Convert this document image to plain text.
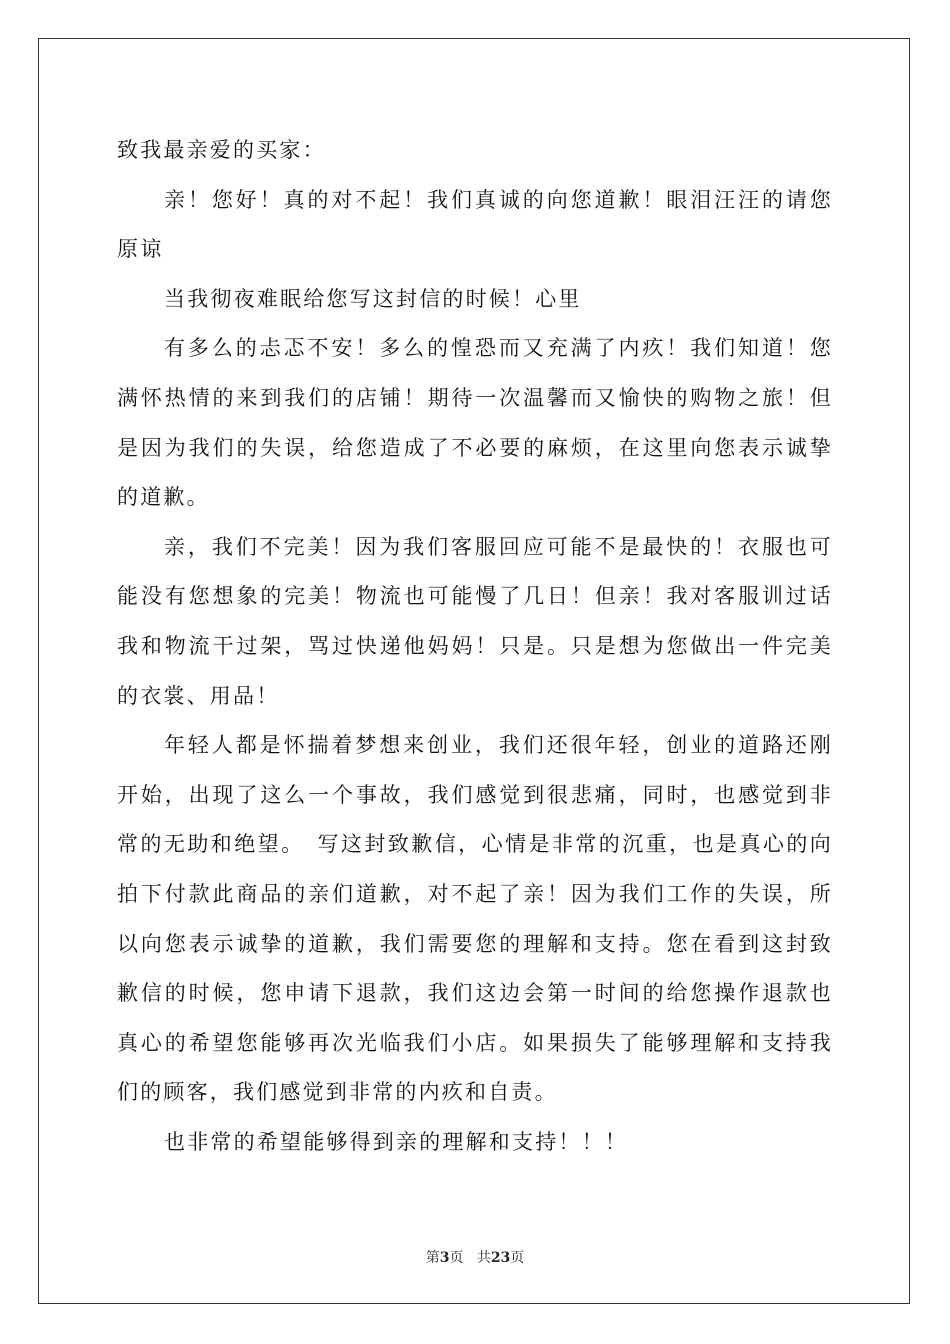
致我最亲爱的买家：

亲！您好！真的对不起！我们真诚的向您道歉！眼泪汪汪的请您原谅

当我彻夜难眠给您写这封信的时候！心里

有多么的忐忑不安！多么的惶恐而又充满了内疚！我们知道！您满怀热情的来到我们的店铺！期待一次温馨而又愉快的购物之旅！但是因为我们的失误，给您造成了不必要的麻烦，在这里向您表示诚挚的道歉。

亲，我们不完美！因为我们客服回应可能不是最快的！衣服也可能没有您想象的完美！物流也可能慢了几日！但亲！我对客服训过话我和物流干过架，骂过快递他妈妈！只是。只是想为您做出一件完美的衣裳、用品！

年轻人都是怀揣着梦想来创业，我们还很年轻，创业的道路还刚开始，出现了这么一个事故，我们感觉到很悲痛，同时，也感觉到非常的无助和绝望。　写这封致歉信，心情是非常的沉重，也是真心的向拍下付款此商品的亲们道歉，对不起了亲！因为我们工作的失误，所以向您表示诚挚的道歉，我们需要您的理解和支持。您在看到这封致歉信的时候，您申请下退款，我们这边会第一时间的给您操作退款也真心的希望您能够再次光临我们小店。如果损失了能够理解和支持我们的顾客，我们感觉到非常的内疚和自责。

也非常的希望能够得到亲的理解和支持！！！

第3页 共23页
